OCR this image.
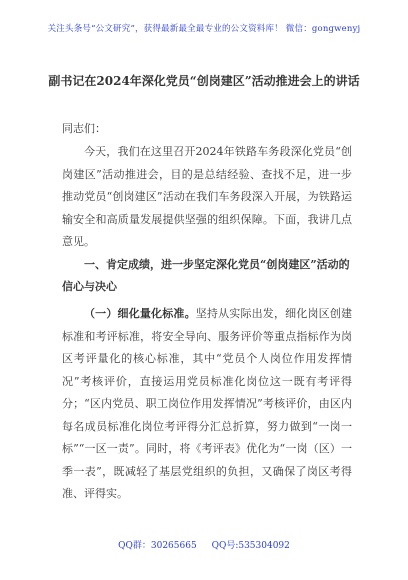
关注头条号“公文研究”，获得最新最全最专业的公文资料库！ 微信：gongwenyj
副书记在2024年深化党员“创岗建区”活动推进会上的讲话
同志们：
今天，我们在这里召开2024年铁路车务段深化党员“创岗建区”活动推进会，目的是总结经验、查找不足，进一步推动党员“创岗建区”活动在我们车务段深入开展，为铁路运输安全和高质量发展提供坚强的组织保障。下面，我讲几点意见。
一、肯定成绩，进一步坚定深化党员“创岗建区”活动的信心与决心
（一）细化量化标准。坚持从实际出发，细化岗区创建标准和考评标准，将安全导向、服务评价等重点指标作为岗区考评量化的核心标准，其中“党员个人岗位作用发挥情况”考核评价，直接运用党员标准化岗位这一既有考评得分；“区内党员、职工岗位作用发挥情况”考核评价，由区内每名成员标准化岗位考评得分汇总折算，努力做到“一岗一标”“一区一责”。同时，将《考评表》优化为“一岗（区）一季一表”，既减轻了基层党组织的负担，又确保了岗区考得准、评得实。
QQ群：30265665 QQ号:535304092
